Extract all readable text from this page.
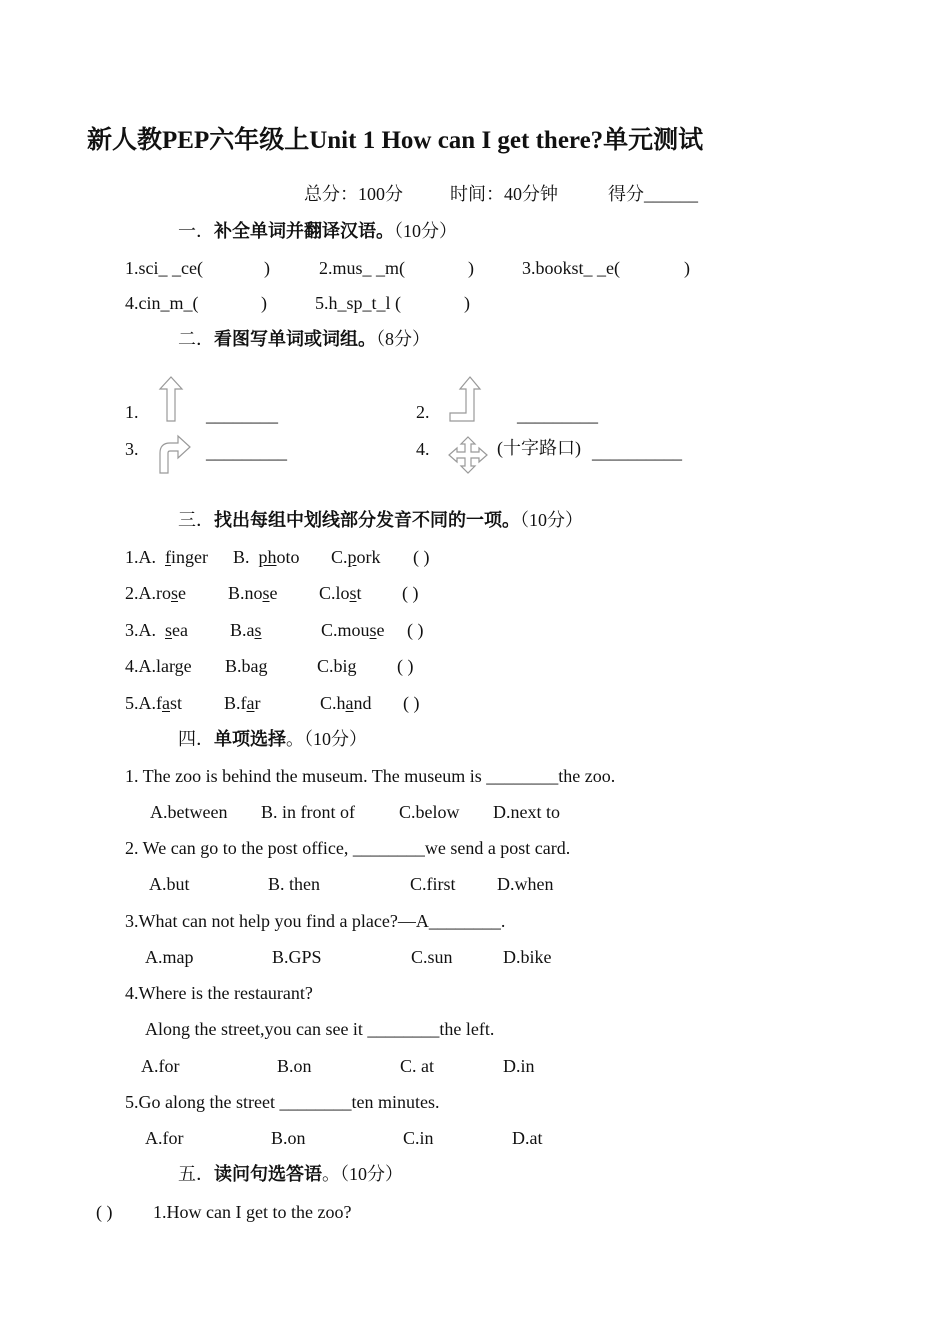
新人教PEP六年级上Unit 1 How can I get there?单元测试
总分：100分	时间：40分钟	得分______
一．补全单词并翻译汉语。（10分）
1.sci_ _ce(	)	2.mus_ _m(	)	3.bookst_ _e(	)
4.cin_m_(	)	5.h_sp_t_l (	)
二．看图写单词或词组。（8分）
1.	________	2.	_________
3.	_________	4.	(十字路口) __________
三．找出每组中划线部分发音不同的一项。（10分）
1.A. finger B. photo C.pork ( )
2.A.rose B.nose C.lost ( )
3.A. sea B.as	C.mouse ( )
4.A.large B.bag	C.big ( )
5.A.fast B.far	C.hand ( )
四．单项选择。（10分）
1. The zoo is behind the museum. The museum is ________the zoo.
A.between B. in front of C.below D.next to
2. We can go to the post office, ________we send a post card.
A.but	B. then	C.first D.when
3.What can not help you find a place?—A________.
A.map	B.GPS	C.sun	D.bike
4.Where is the restaurant?
Along the street,you can see it ________the left.
A.for	B.on	C. at	D.in
5.Go along the street ________ten minutes.
A.for	B.on	C.in	D.at
五．读问句选答语。（10分）
( ) 1.How can I get to the zoo?
